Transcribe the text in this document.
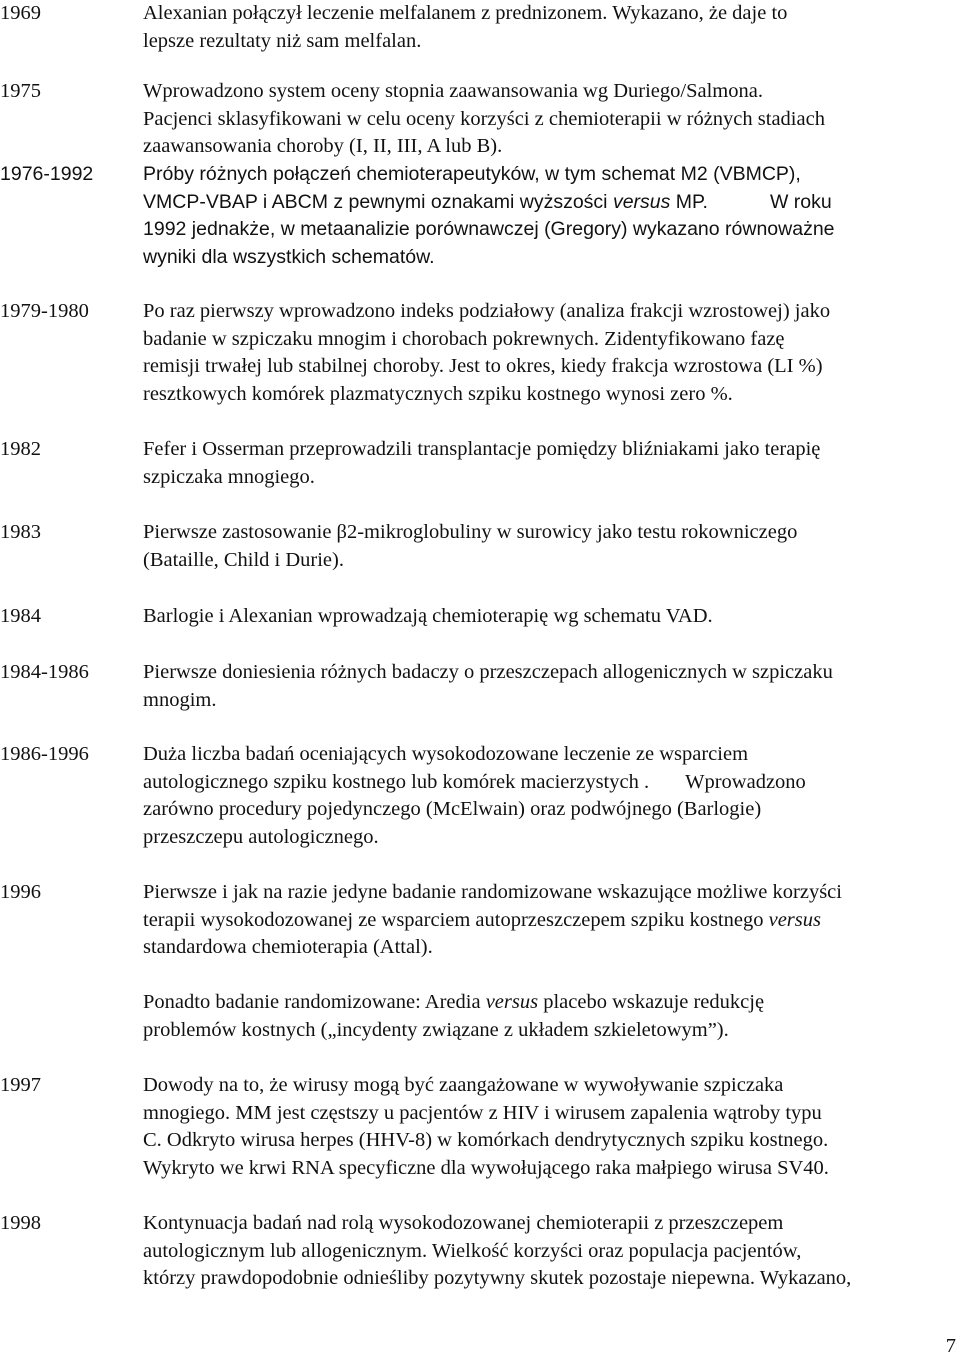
1969	Alexanian połączył leczenie melfalanem z prednizonem. Wykazano, że daje to
lepsze rezultaty niż sam melfalan.
1975	Wprowadzono system oceny stopnia zaawansowania wg Duriego/Salmona.
Pacjenci sklasyfikowani w celu oceny korzyści z chemioterapii w różnych stadiach
zaawansowania choroby (I, II, III, A lub B).
1976-1992	Próby różnych połączeń chemioterapeutyków, w tym schemat M2 (VBMCP),
VMCP-VBAP i ABCM z pewnymi oznakami wyższości versus MP.	W roku
1992 jednakże, w metaanalizie porównawczej (Gregory) wykazano równoważne
wyniki dla wszystkich schematów.
1979-1980	Po raz pierwszy wprowadzono indeks podziałowy (analiza frakcji wzrostowej) jako
badanie w szpiczaku mnogim i chorobach pokrewnych. Zidentyfikowano fazę
remisji trwałej lub stabilnej choroby. Jest to okres, kiedy frakcja wzrostowa (LI %)
resztkowych komórek plazmatycznych szpiku kostnego wynosi zero %.
1982	Fefer i Osserman przeprowadzili transplantacje pomiędzy bliźniakami jako terapię
szpiczaka mnogiego.
1983	Pierwsze zastosowanie β2-mikroglobuliny w surowicy jako testu rokowniczego
(Bataille, Child i Durie).
1984	Barlogie i Alexanian wprowadzają chemioterapię wg schematu VAD.
1984-1986	Pierwsze doniesienia różnych badaczy o przeszczepach allogenicznych w szpiczaku
mnogim.
1986-1996	Duża liczba badań oceniających wysokodozowane leczenie ze wsparciem
autologicznego szpiku kostnego lub komórek macierzystych . Wprowadzono
zarówno procedury pojedynczego (McElwain) oraz podwójnego (Barlogie)
przeszczepu autologicznego.
1996	Pierwsze i jak na razie jedyne badanie randomizowane wskazujące możliwe korzyści
terapii wysokodozowanej ze wsparciem autoprzeszczepem szpiku kostnego versus
standardowa chemioterapia (Attal).
Ponadto badanie randomizowane: Aredia versus placebo wskazuje redukcję
problemów kostnych („incydenty związane z układem szkieletowym”).
1997	Dowody na to, że wirusy mogą być zaangażowane w wywoływanie szpiczaka
mnogiego. MM jest częstszy u pacjentów z HIV i wirusem zapalenia wątroby typu
C. Odkryto wirusa herpes (HHV-8) w komórkach dendrytycznych szpiku kostnego.
Wykryto we krwi RNA specyficzne dla wywołującego raka małpiego wirusa SV40.
1998	Kontynuacja badań nad rolą wysokodozowanej chemioterapii z przeszczepem
autologicznym lub allogenicznym. Wielkość korzyści oraz populacja pacjentów,
którzy prawdopodobnie odnieśliby pozytywny skutek pozostaje niepewna. Wykazano,
7
